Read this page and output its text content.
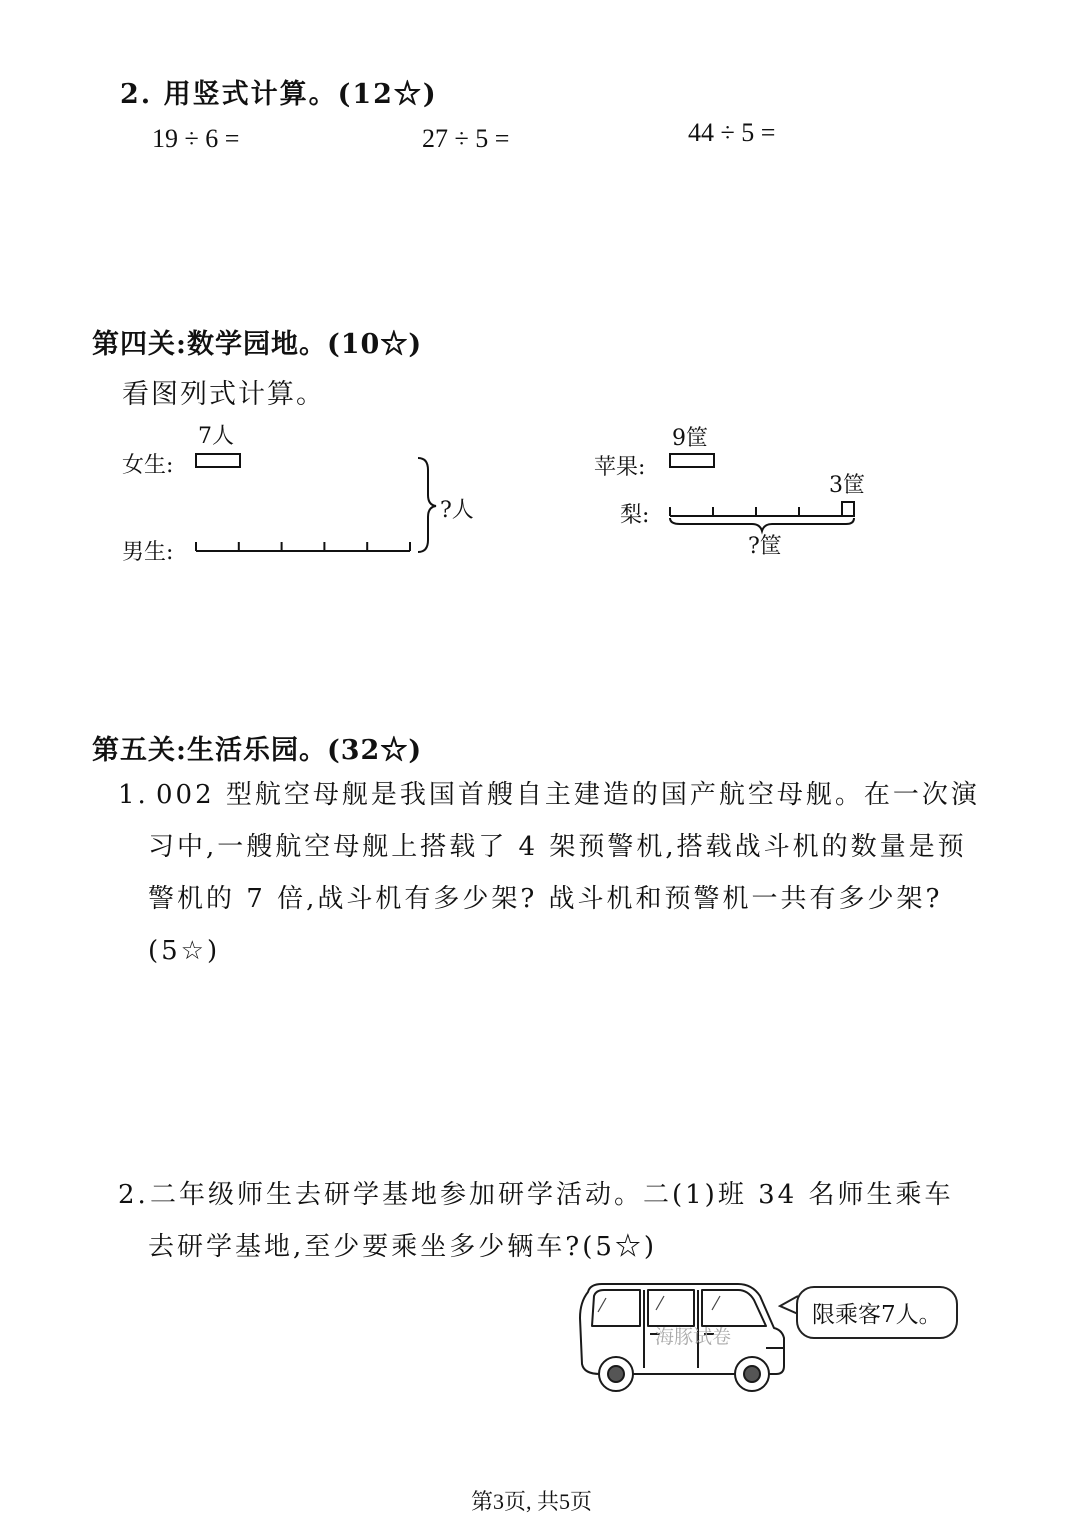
2. 用竖式计算。(12☆)
19 ÷ 6 =	27 ÷ 5 =	44 ÷ 5 =
第四关:数学园地。(10☆)
看图列式计算。
女生:
7人
男生:
?人
苹果:
9筐
梨:
3筐
?筐
第五关:生活乐园。(32☆)
1. 002 型航空母舰是我国首艘自主建造的国产航空母舰。在一次演
习中,一艘航空母舰上搭载了 4 架预警机,搭载战斗机的数量是预
警机的 7 倍,战斗机有多少架? 战斗机和预警机一共有多少架?
(5☆)
2. 二年级师生去研学基地参加研学活动。二(1)班 34 名师生乘车
去研学基地,至少要乘坐多少辆车?(5☆)
海豚试卷
限乘客7人。
第3页, 共5页
